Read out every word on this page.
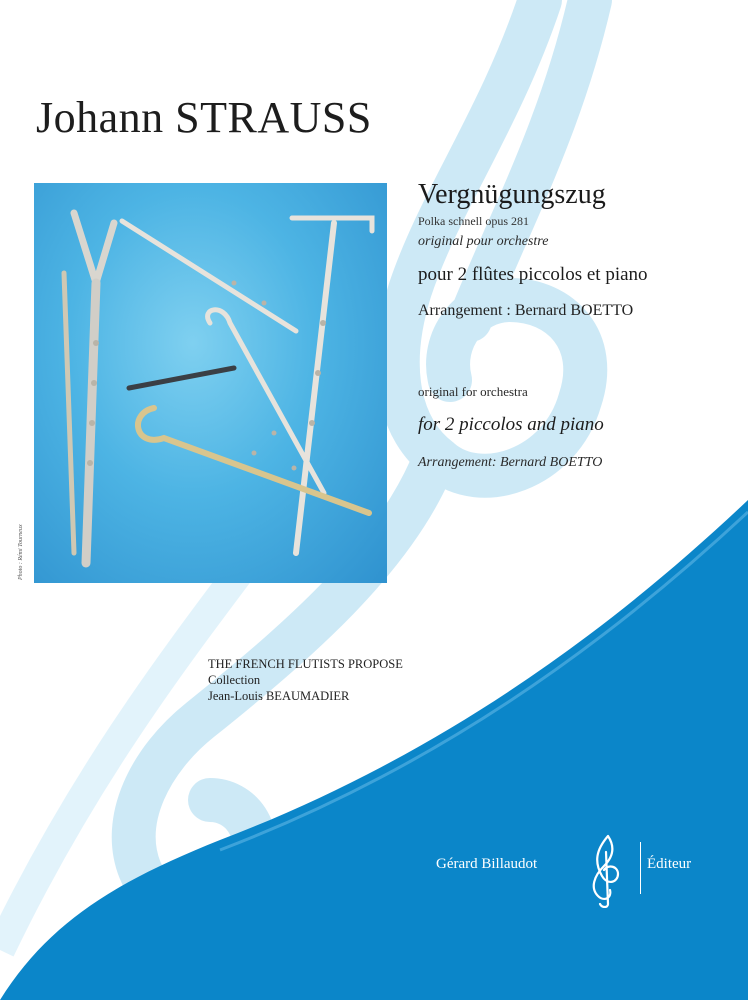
Johann STRAUSS
Photo : Rémi Tourneux
Vergnügungszug
Polka schnell opus 281
original pour orchestre
pour 2 flûtes piccolos et piano
Arrangement : Bernard BOETTO
original for orchestra
for 2 piccolos and piano
Arrangement: Bernard BOETTO
THE FRENCH FLUTISTS PROPOSE
Collection
Jean-Louis BEAUMADIER
Gérard Billaudot	Éditeur
